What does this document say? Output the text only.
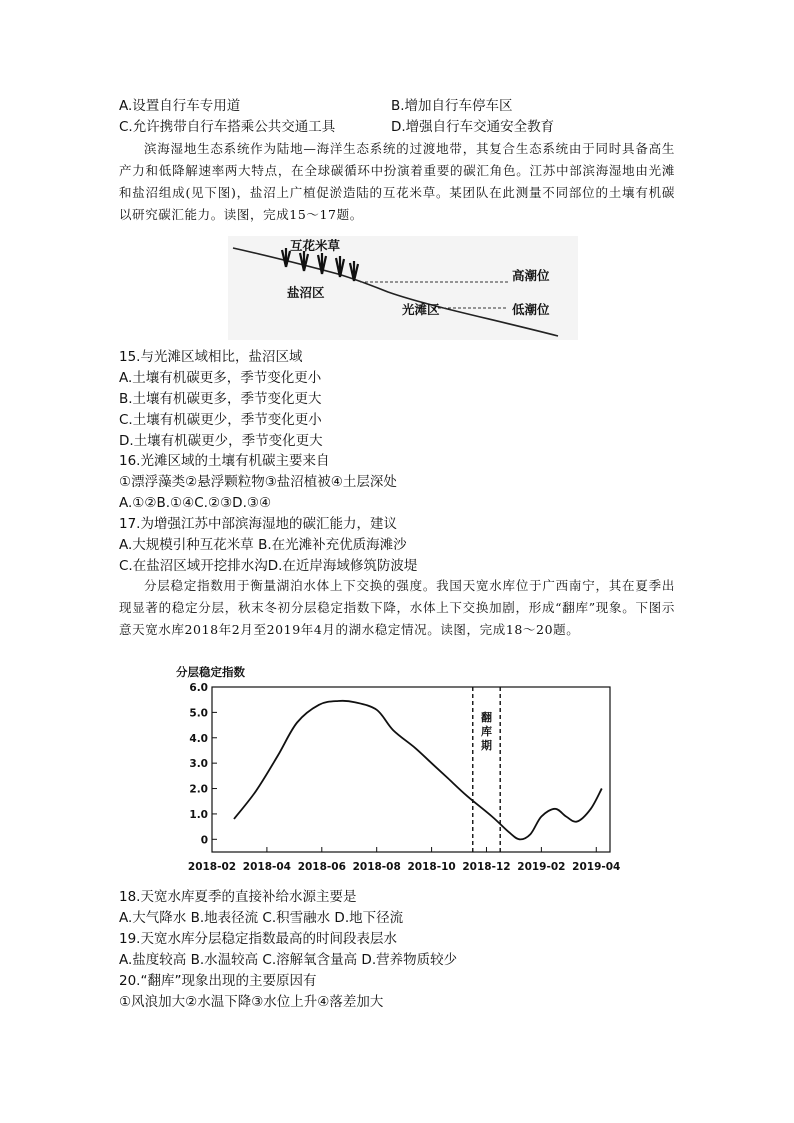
A.设置自行车专用道	B.增加自行车停车区
C.允许携带自行车搭乘公共交通工具	D.增强自行车交通安全教育

滨海湿地生态系统作为陆地—海洋生态系统的过渡地带，其复合生态系统由于同时具备高生产力和低降解速率两大特点，在全球碳循环中扮演着重要的碳汇角色。江苏中部滨海湿地由光滩和盐沼组成(见下图)，盐沼上广植促淤造陆的互花米草。某团队在此测量不同部位的土壤有机碳以研究碳汇能力。读图，完成15～17题。

互花米草
盐沼区
光滩区
高潮位
低潮位
15.与光滩区域相比，盐沼区域
A.土壤有机碳更多，季节变化更小
B.土壤有机碳更多，季节变化更大
C.土壤有机碳更少，季节变化更小
D.土壤有机碳更少，季节变化更大
16.光滩区域的土壤有机碳主要来自
①漂浮藻类②悬浮颗粒物③盐沼植被④土层深处
A.①②B.①④C.②③D.③④
17.为增强江苏中部滨海湿地的碳汇能力，建议
A.大规模引种互花米草 B.在光滩补充优质海滩沙
C.在盐沼区域开挖排水沟D.在近岸海域修筑防波堤

分层稳定指数用于衡量湖泊水体上下交换的强度。我国天宽水库位于广西南宁，其在夏季出现显著的稳定分层，秋末冬初分层稳定指数下降，水体上下交换加剧，形成“翻库”现象。下图示意天宽水库2018年2月至2019年4月的湖水稳定情况。读图，完成18～20题。

分层稳定指数
0
1.0
2.0
3.0
4.0
5.0
6.0
2018-02 2018-04 2018-06 2018-08 2018-10 2018-12 2019-02 2019-04
翻库期
18.天宽水库夏季的直接补给水源主要是
A.大气降水 B.地表径流 C.积雪融水 D.地下径流
19.天宽水库分层稳定指数最高的时间段表层水
A.盐度较高 B.水温较高 C.溶解氧含量高 D.营养物质较少
20.“翻库”现象出现的主要原因有
①风浪加大②水温下降③水位上升④落差加大
